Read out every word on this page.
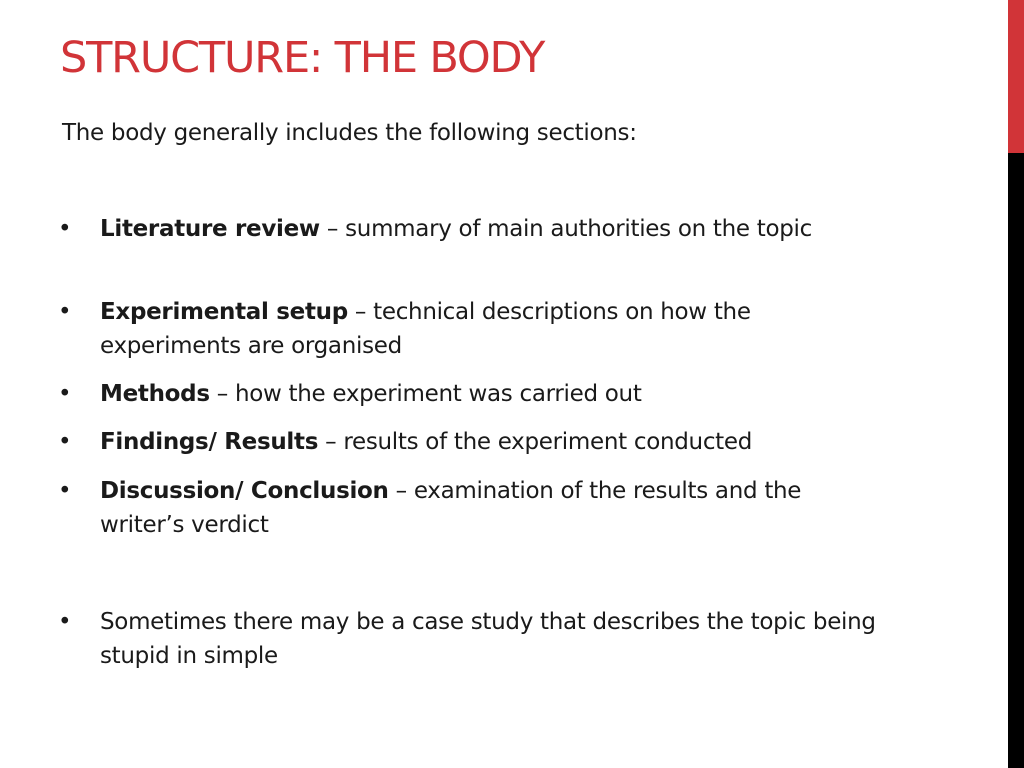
STRUCTURE: THE BODY
The body generally includes the following sections:
• Literature review – summary of main authorities on the topic
• Experimental setup – technical descriptions on how the experiments are organised
• Methods – how the experiment was carried out
• Findings/ Results – results of the experiment conducted
• Discussion/ Conclusion – examination of the results and the writer’s verdict
• Sometimes there may be a case study that describes the topic being stupid in simple
